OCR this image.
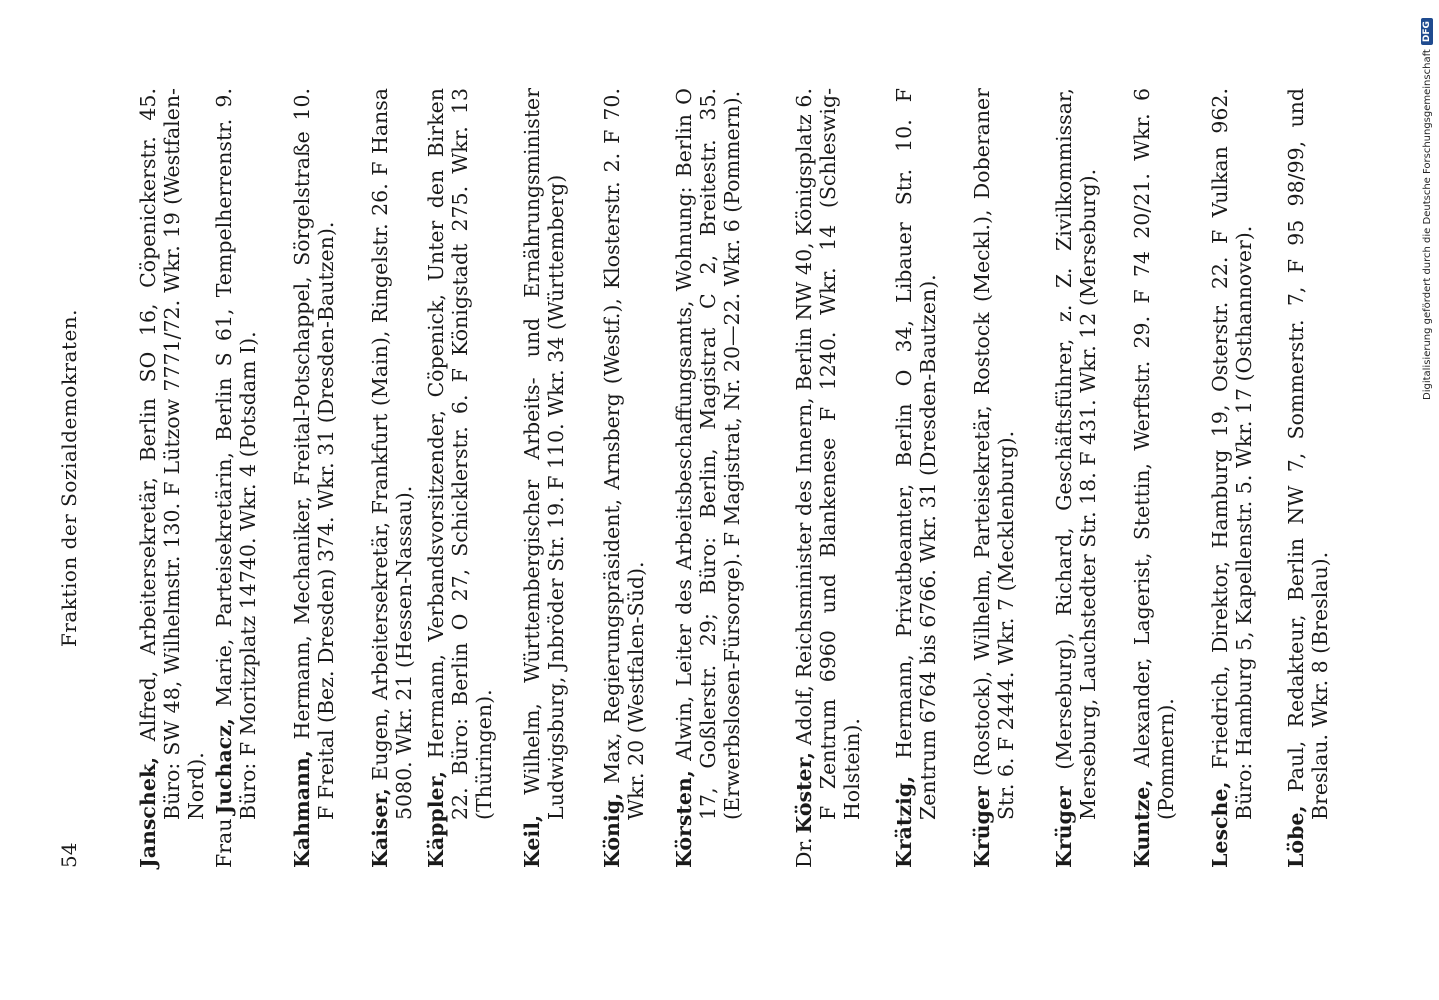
54
Fraktion der Sozialdemokraten.

Janschek, Alfred, Arbeitersekretär, Berlin SO 16, Cöpenickerstr. 45. Büro: SW 48, Wilhelmstr. 130. F Lützow 7771/72. Wkr. 19 (Westfalen-Nord).

FrauJuchacz, Marie, Parteisekretärin, Berlin S 61, Tempelherrenstr. 9. Büro: F Moritzplatz 14740. Wkr. 4 (Potsdam I). Kahmann, Hermann, Mechaniker, Freital-Potschappel, Sörgelstraße 10. F Freital (Bez. Dresden) 374. Wkr. 31 (Dresden-Bautzen).

Kaiser, Eugen, Arbeitersekretär, Frankfurt (Main), Ringelstr. 26. F Hansa 5080. Wkr. 21 (Hessen-Nassau). Käppler, Hermann, Verbandsvorsitzender, Cöpenick, Unter den Birken 22. Büro: Berlin O 27, Schicklerstr. 6. F Königstadt 275. Wkr. 13 (Thüringen).

Keil, Wilhelm, Württembergischer Arbeits- und Ernährungsminister Ludwigsburg, Jnbröder Str. 19. F 110. Wkr. 34 (Württemberg)

König, Max, Regierungspräsident, Arnsberg (Westf.), Klosterstr. 2. F 70. Wkr. 20 (Westfalen-Süd). Körsten, Alwin, Leiter des Arbeitsbeschaffungsamts, Wohnung: Berlin O 17, Goßlerstr. 29; Büro: Berlin, Magistrat C 2, Breitestr. 35. (Erwerbslosen-Fürsorge). F Magistrat, Nr. 20—22. Wkr. 6 (Pommern).

Dr.Köster, Adolf, Reichsminister des Innern, Berlin NW 40, Königsplatz 6. F Zentrum 6960 und Blankenese F 1240. Wkr. 14 (Schleswig-Holstein).

Krätzig, Hermann, Privatbeamter, Berlin O 34, Libauer Str. 10. F Zentrum 6764 bis 6766. Wkr. 31 (Dresden-Bautzen).

Krüger (Rostock), Wilhelm, Parteisekretär, Rostock (Meckl.), Doberaner Str. 6. F 2444. Wkr. 7 (Mecklenburg).

Krüger (Merseburg), Richard, Geschäftsführer, z. Z. Zivilkommissar, Merseburg, Lauchstedter Str. 18. F 431. Wkr. 12 (Merseburg).

Kuntze, Alexander, Lagerist, Stettin, Werftstr. 29. F 74 20/21. Wkr. 6 (Pommern).

Lesche, Friedrich, Direktor, Hamburg 19, Osterstr. 22. F Vulkan 962. Büro: Hamburg 5, Kapellenstr. 5. Wkr. 17 (Osthannover).

Löbe, Paul, Redakteur, Berlin NW 7, Sommerstr. 7, F 95 98/99, und Breslau. Wkr. 8 (Breslau).

Digitalisierung gefördert durch die Deutsche Forschungsgemeinschaft
DFG
